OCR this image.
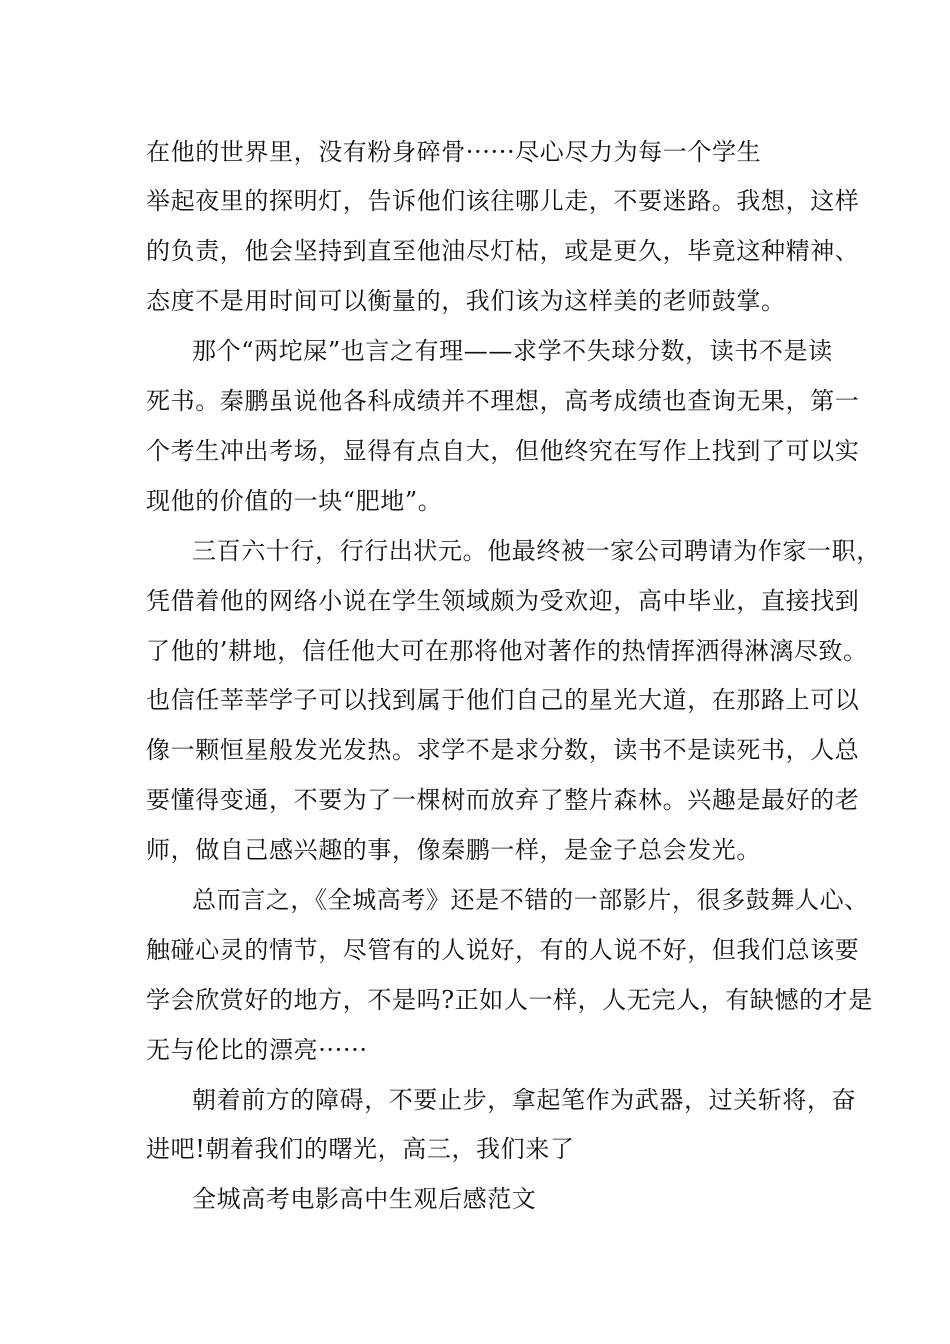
在他的世界里，没有粉身碎骨······尽心尽力为每一个学生

举起夜里的探明灯，告诉他们该往哪儿走，不要迷路。我想，这样

的负责，他会坚持到直至他油尽灯枯，或是更久，毕竟这种精神、

态度不是用时间可以衡量的，我们该为这样美的老师鼓掌。

那个“两坨屎”也言之有理——求学不失球分数，读书不是读

死书。秦鹏虽说他各科成绩并不理想，高考成绩也查询无果，第一

个考生冲出考场，显得有点自大，但他终究在写作上找到了可以实

现他的价值的一块“肥地”。

三百六十行，行行出状元。他最终被一家公司聘请为作家一职，

凭借着他的网络小说在学生领域颇为受欢迎，高中毕业，直接找到

了他的’耕地，信任他大可在那将他对著作的热情挥洒得淋漓尽致。

也信任莘莘学子可以找到属于他们自己的星光大道，在那路上可以

像一颗恒星般发光发热。求学不是求分数，读书不是读死书，人总

要懂得变通，不要为了一棵树而放弃了整片森林。兴趣是最好的老

师，做自己感兴趣的事，像秦鹏一样，是金子总会发光。

总而言之，《全城高考》还是不错的一部影片，很多鼓舞人心、

触碰心灵的情节，尽管有的人说好，有的人说不好，但我们总该要

学会欣赏好的地方，不是吗?正如人一样，人无完人，有缺憾的才是

无与伦比的漂亮······

朝着前方的障碍，不要止步，拿起笔作为武器，过关斩将，奋

进吧!朝着我们的曙光，高三，我们来了

全城高考电影高中生观后感范文
